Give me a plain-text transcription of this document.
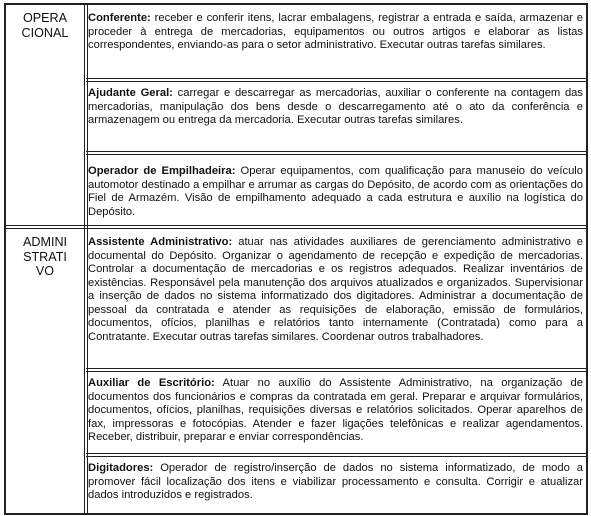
OPERA
CIONAL
Conferente: receber e conferir itens, lacrar embalagens, registrar a entrada e saída, armazenar e proceder à entrega de mercadorias, equipamentos ou outros artigos e elaborar as listas correspondentes, enviando-as para o setor administrativo. Executar outras tarefas similares.
Ajudante Geral: carregar e descarregar as mercadorias, auxiliar o conferente na contagem das mercadorias, manipulação dos bens desde o descarregamento até o ato da conferência e armazenagem ou entrega da mercadoria. Executar outras tarefas similares.
Operador de Empilhadeira: Operar equipamentos, com qualificação para manuseio do veículo automotor destinado a empilhar e arrumar as cargas do Depósito, de acordo com as orientações do Fiel de Armazém. Visão de empilhamento adequado a cada estrutura e auxílio na logística do Depósito.
ADMINI
STRATI
VO
Assistente Administrativo: atuar nas atividades auxiliares de gerenciamento administrativo e documental do Depósito. Organizar o agendamento de recepção e expedição de mercadorias. Controlar a documentação de mercadorias e os registros adequados. Realizar inventários de existências. Responsável pela manutenção dos arquivos atualizados e organizados. Supervisionar a inserção de dados no sistema informatizado dos digitadores. Administrar a documentação de pessoal da contratada e atender as requisições de elaboração, emissão de formulários, documentos, ofícios, planilhas e relatórios tanto internamente (Contratada) como para a Contratante. Executar outras tarefas similares. Coordenar outros trabalhadores.
Auxiliar de Escritório: Atuar no auxílio do Assistente Administrativo, na organização de documentos dos funcionários e compras da contratada em geral. Preparar e arquivar formulários, documentos, ofícios, planilhas, requisições diversas e relatórios solicitados. Operar aparelhos de fax, impressoras e fotocópias. Atender e fazer ligações telefônicas e realizar agendamentos. Receber, distribuir, preparar e enviar correspondências.
Digitadores: Operador de registro/inserção de dados no sistema informatizado, de modo a promover fácil localização dos itens e viabilizar processamento e consulta. Corrigir e atualizar dados introduzidos e registrados.
